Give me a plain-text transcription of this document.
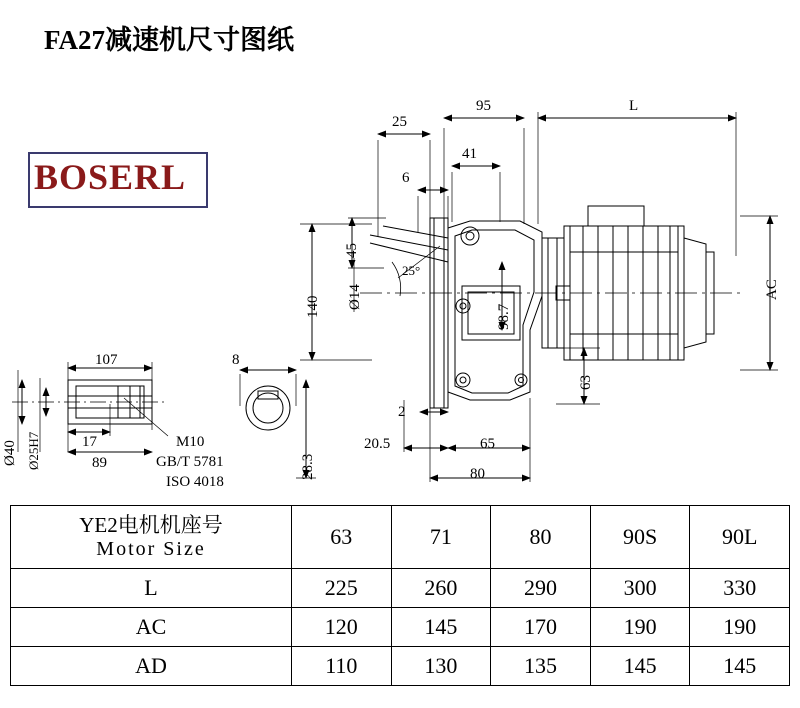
FA27减速机尺寸图纸
BOSERL
95	L
25
41
6
45
140 Ø14
25°
98.7
AC
63
2
20.5	65
80
107	8
17
89
Ø40 Ø25H7	28.3
M10
GB/T 5781
ISO 4018
YE2电机机座号
Motor Size	63	71	80	90S	90L
L	225	260	290	300	330
AC	120	145	170	190	190
AD	110	130	135	145	145
